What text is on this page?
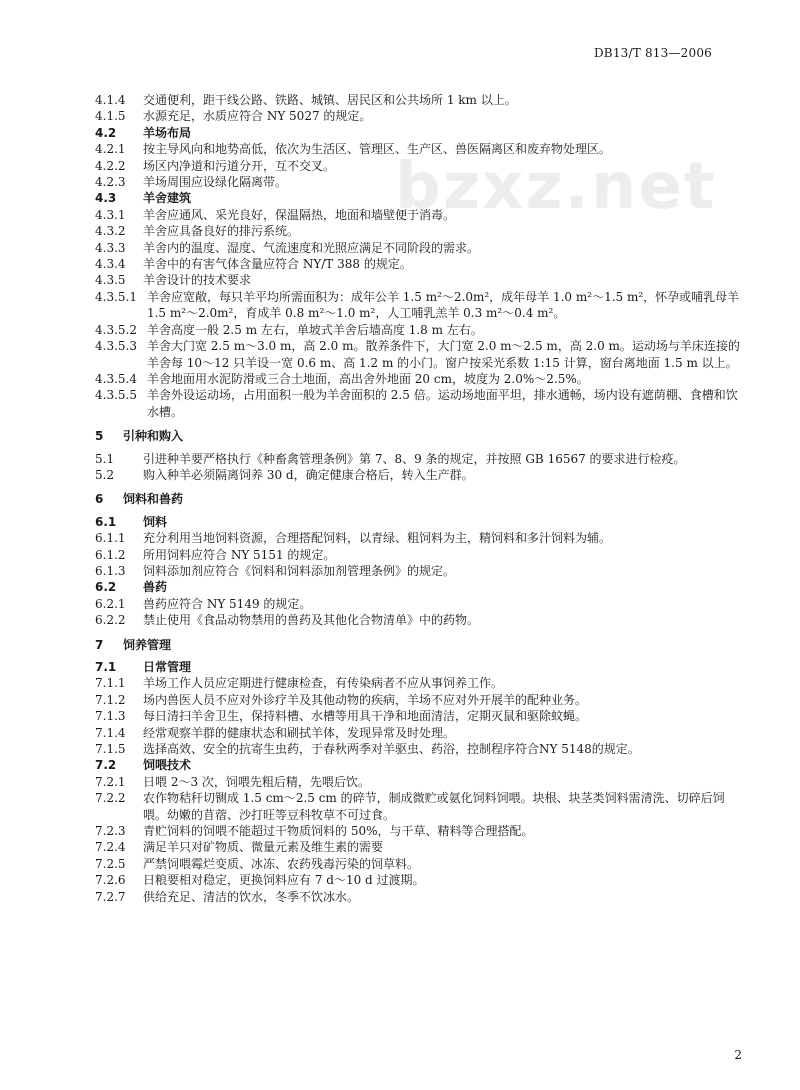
DB13/T 813—2006
bzxz.net
4.1.4	交通便利，距干线公路、铁路、城镇、居民区和公共场所 1 km 以上。
4.1.5	水源充足，水质应符合 NY 5027 的规定。
4.2	羊场布局
4.2.1	按主导风向和地势高低，依次为生活区、管理区、生产区、兽医隔离区和废弃物处理区。
4.2.2	场区内净道和污道分开，互不交叉。
4.2.3	羊场周围应设绿化隔离带。
4.3	羊舍建筑
4.3.1	羊舍应通风、采光良好，保温隔热，地面和墙壁便于消毒。
4.3.2	羊舍应具备良好的排污系统。
4.3.3	羊舍内的温度、湿度、气流速度和光照应满足不同阶段的需求。
4.3.4	羊舍中的有害气体含量应符合 NY/T 388 的规定。
4.3.5	羊舍设计的技术要求
4.3.5.1 羊舍应宽敞，每只羊平均所需面积为：成年公羊 1.5 m²～2.0m²，成年母羊 1.0 m²～1.5 m²，怀孕或哺乳母羊 1.5 m²～2.0m²，育成羊 0.8 m²～1.0 m²，人工哺乳羔羊 0.3 m²～0.4 m²。
4.3.5.2 羊舍高度一般 2.5 m 左右，单坡式羊舍后墙高度 1.8 m 左右。
4.3.5.3 羊舍大门宽 2.5 m～3.0 m，高 2.0 m。散养条件下，大门宽 2.0 m～2.5 m，高 2.0 m。运动场与羊床连接的羊舍每 10～12 只羊设一宽 0.6 m、高 1.2 m 的小门。窗户按采光系数 1:15 计算，窗台离地面 1.5 m 以上。
4.3.5.4 羊舍地面用水泥防滑或三合土地面，高出舍外地面 20 cm，坡度为 2.0%～2.5%。
4.3.5.5 羊舍外设运动场，占用面积一般为羊舍面积的 2.5 倍。运动场地面平坦，排水通畅，场内设有遮荫棚、食槽和饮水槽。
5	引种和购入
5.1	引进种羊要严格执行《种畜禽管理条例》第 7、8、9 条的规定，并按照 GB 16567 的要求进行检疫。
5.2	购入种羊必须隔离饲养 30 d，确定健康合格后，转入生产群。
6	饲料和兽药
6.1	饲料
6.1.1	充分利用当地饲料资源，合理搭配饲料，以青绿、粗饲料为主，精饲料和多汁饲料为辅。
6.1.2	所用饲料应符合 NY 5151 的规定。
6.1.3	饲料添加剂应符合《饲料和饲料添加剂管理条例》的规定。
6.2	兽药
6.2.1	兽药应符合 NY 5149 的规定。
6.2.2	禁止使用《食品动物禁用的兽药及其他化合物清单》中的药物。
7	饲养管理
7.1	日常管理
7.1.1	羊场工作人员应定期进行健康检查，有传染病者不应从事饲养工作。
7.1.2	场内兽医人员不应对外诊疗羊及其他动物的疾病，羊场不应对外开展羊的配种业务。
7.1.3	每日清扫羊舍卫生，保持料槽、水槽等用具干净和地面清洁，定期灭鼠和驱除蚊蝇。
7.1.4	经常观察羊群的健康状态和刷拭羊体，发现异常及时处理。
7.1.5	选择高效、安全的抗寄生虫药，于春秋两季对羊驱虫、药浴，控制程序符合NY 5148的规定。
7.2	饲喂技术
7.2.1	日喂 2～3 次，饲喂先粗后精，先喂后饮。
7.2.2	农作物秸秆切铡成 1.5 cm～2.5 cm 的碎节，制成微贮或氨化饲料饲喂。块根、块茎类饲料需清洗、切碎后饲喂。幼嫩的苜蓿、沙打旺等豆科牧草不可过食。
7.2.3	青贮饲料的饲喂不能超过干物质饲料的 50%，与干草、精料等合理搭配。
7.2.4	满足羊只对矿物质、微量元素及维生素的需要
7.2.5	严禁饲喂霉烂变质、冰冻、农药残毒污染的饲草料。
7.2.6	日粮要相对稳定，更换饲料应有 7 d～10 d 过渡期。
7.2.7	供给充足、清洁的饮水，冬季不饮冰水。
2
